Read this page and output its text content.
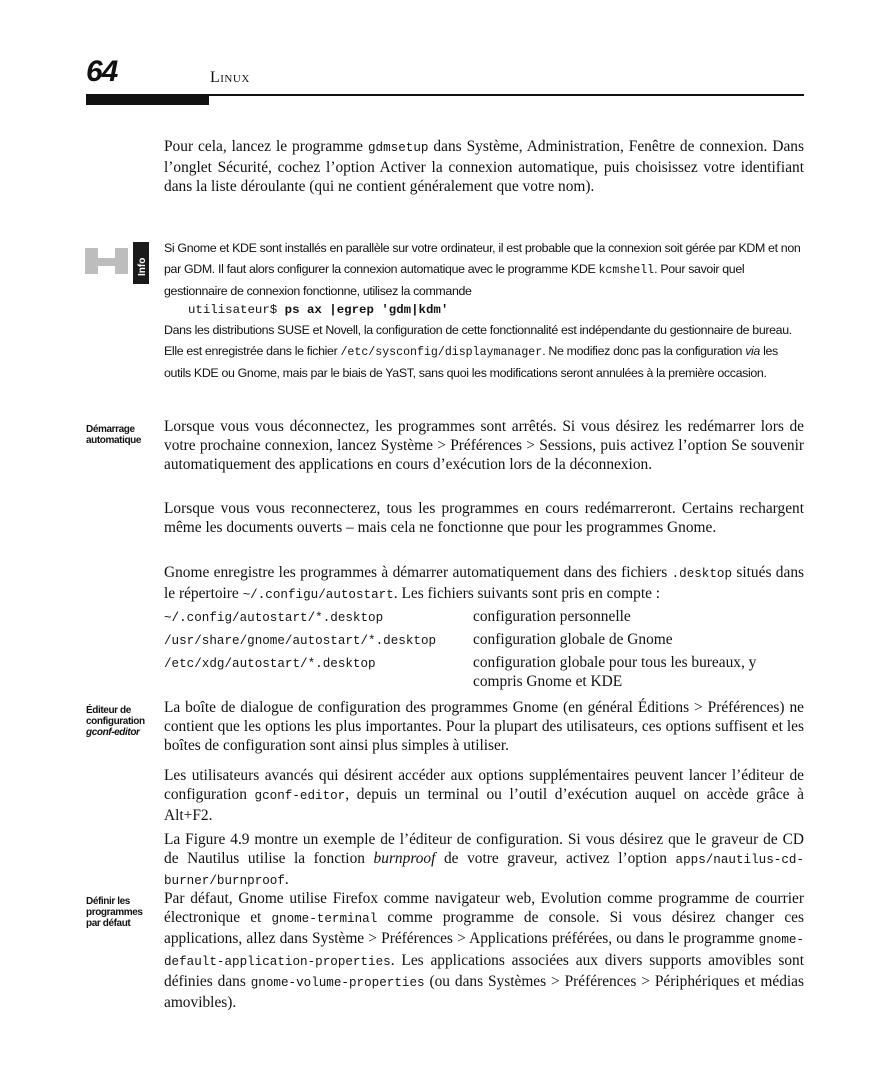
64	Linux

Pour cela, lancez le programme gdmsetup dans Système, Administration, Fenêtre de connexion. Dans l’onglet Sécurité, cochez l’option Activer la connexion automatique, puis choisissez votre identifiant dans la liste déroulante (qui ne contient généralement que votre nom).

Info

Si Gnome et KDE sont installés en parallèle sur votre ordinateur, il est probable que la connexion soit gérée par KDM et non par GDM. Il faut alors configurer la connexion automatique avec le programme KDE kcmshell. Pour savoir quel gestionnaire de connexion fonctionne, utilisez la commande

utilisateur$ ps ax |egrep 'gdm|kdm'

Dans les distributions SUSE et Novell, la configuration de cette fonctionnalité est indépendante du gestionnaire de bureau. Elle est enregistrée dans le fichier /etc/sysconfig/displaymanager. Ne modifiez donc pas la configuration via les outils KDE ou Gnome, mais par le biais de YaST, sans quoi les modifications seront annulées à la première occasion.

Démarrage
automatique

Lorsque vous vous déconnectez, les programmes sont arrêtés. Si vous désirez les redémarrer lors de votre prochaine connexion, lancez Système > Préférences > Sessions, puis activez l’option Se souvenir automatiquement des applications en cours d’exécution lors de la déconnexion.

Lorsque vous vous reconnecterez, tous les programmes en cours redémarreront. Certains rechargent même les documents ouverts – mais cela ne fonctionne que pour les programmes Gnome.

Gnome enregistre les programmes à démarrer automatiquement dans des fichiers .desktop situés dans le répertoire ~/.configu/autostart. Les fichiers suivants sont pris en compte :

~/.config/autostart/*.desktop	configuration personnelle

/usr/share/gnome/autostart/*.desktop configuration globale de Gnome

/etc/xdg/autostart/*.desktop	configuration globale pour tous les bureaux, y compris Gnome et KDE

Éditeur de
configuration
gconf-editor

La boîte de dialogue de configuration des programmes Gnome (en général Éditions > Préférences) ne contient que les options les plus importantes. Pour la plupart des utilisateurs, ces options suffisent et les boîtes de configuration sont ainsi plus simples à utiliser.

Les utilisateurs avancés qui désirent accéder aux options supplémentaires peuvent lancer l’éditeur de configuration gconf-editor, depuis un terminal ou l’outil d’exécution auquel on accède grâce à Alt+F2.

La Figure 4.9 montre un exemple de l’éditeur de configuration. Si vous désirez que le graveur de CD de Nautilus utilise la fonction burnproof de votre graveur, activez l’option apps/nautilus-cd-burner/burnproof.

Définir les
programmes
par défaut

Par défaut, Gnome utilise Firefox comme navigateur web, Evolution comme programme de courrier électronique et gnome-terminal comme programme de console. Si vous désirez changer ces applications, allez dans Système > Préférences > Applications préférées, ou dans le programme gnome-default-application-properties. Les applications associées aux divers supports amovibles sont définies dans gnome-volume-properties (ou dans Systèmes > Préférences > Périphériques et médias amovibles).
